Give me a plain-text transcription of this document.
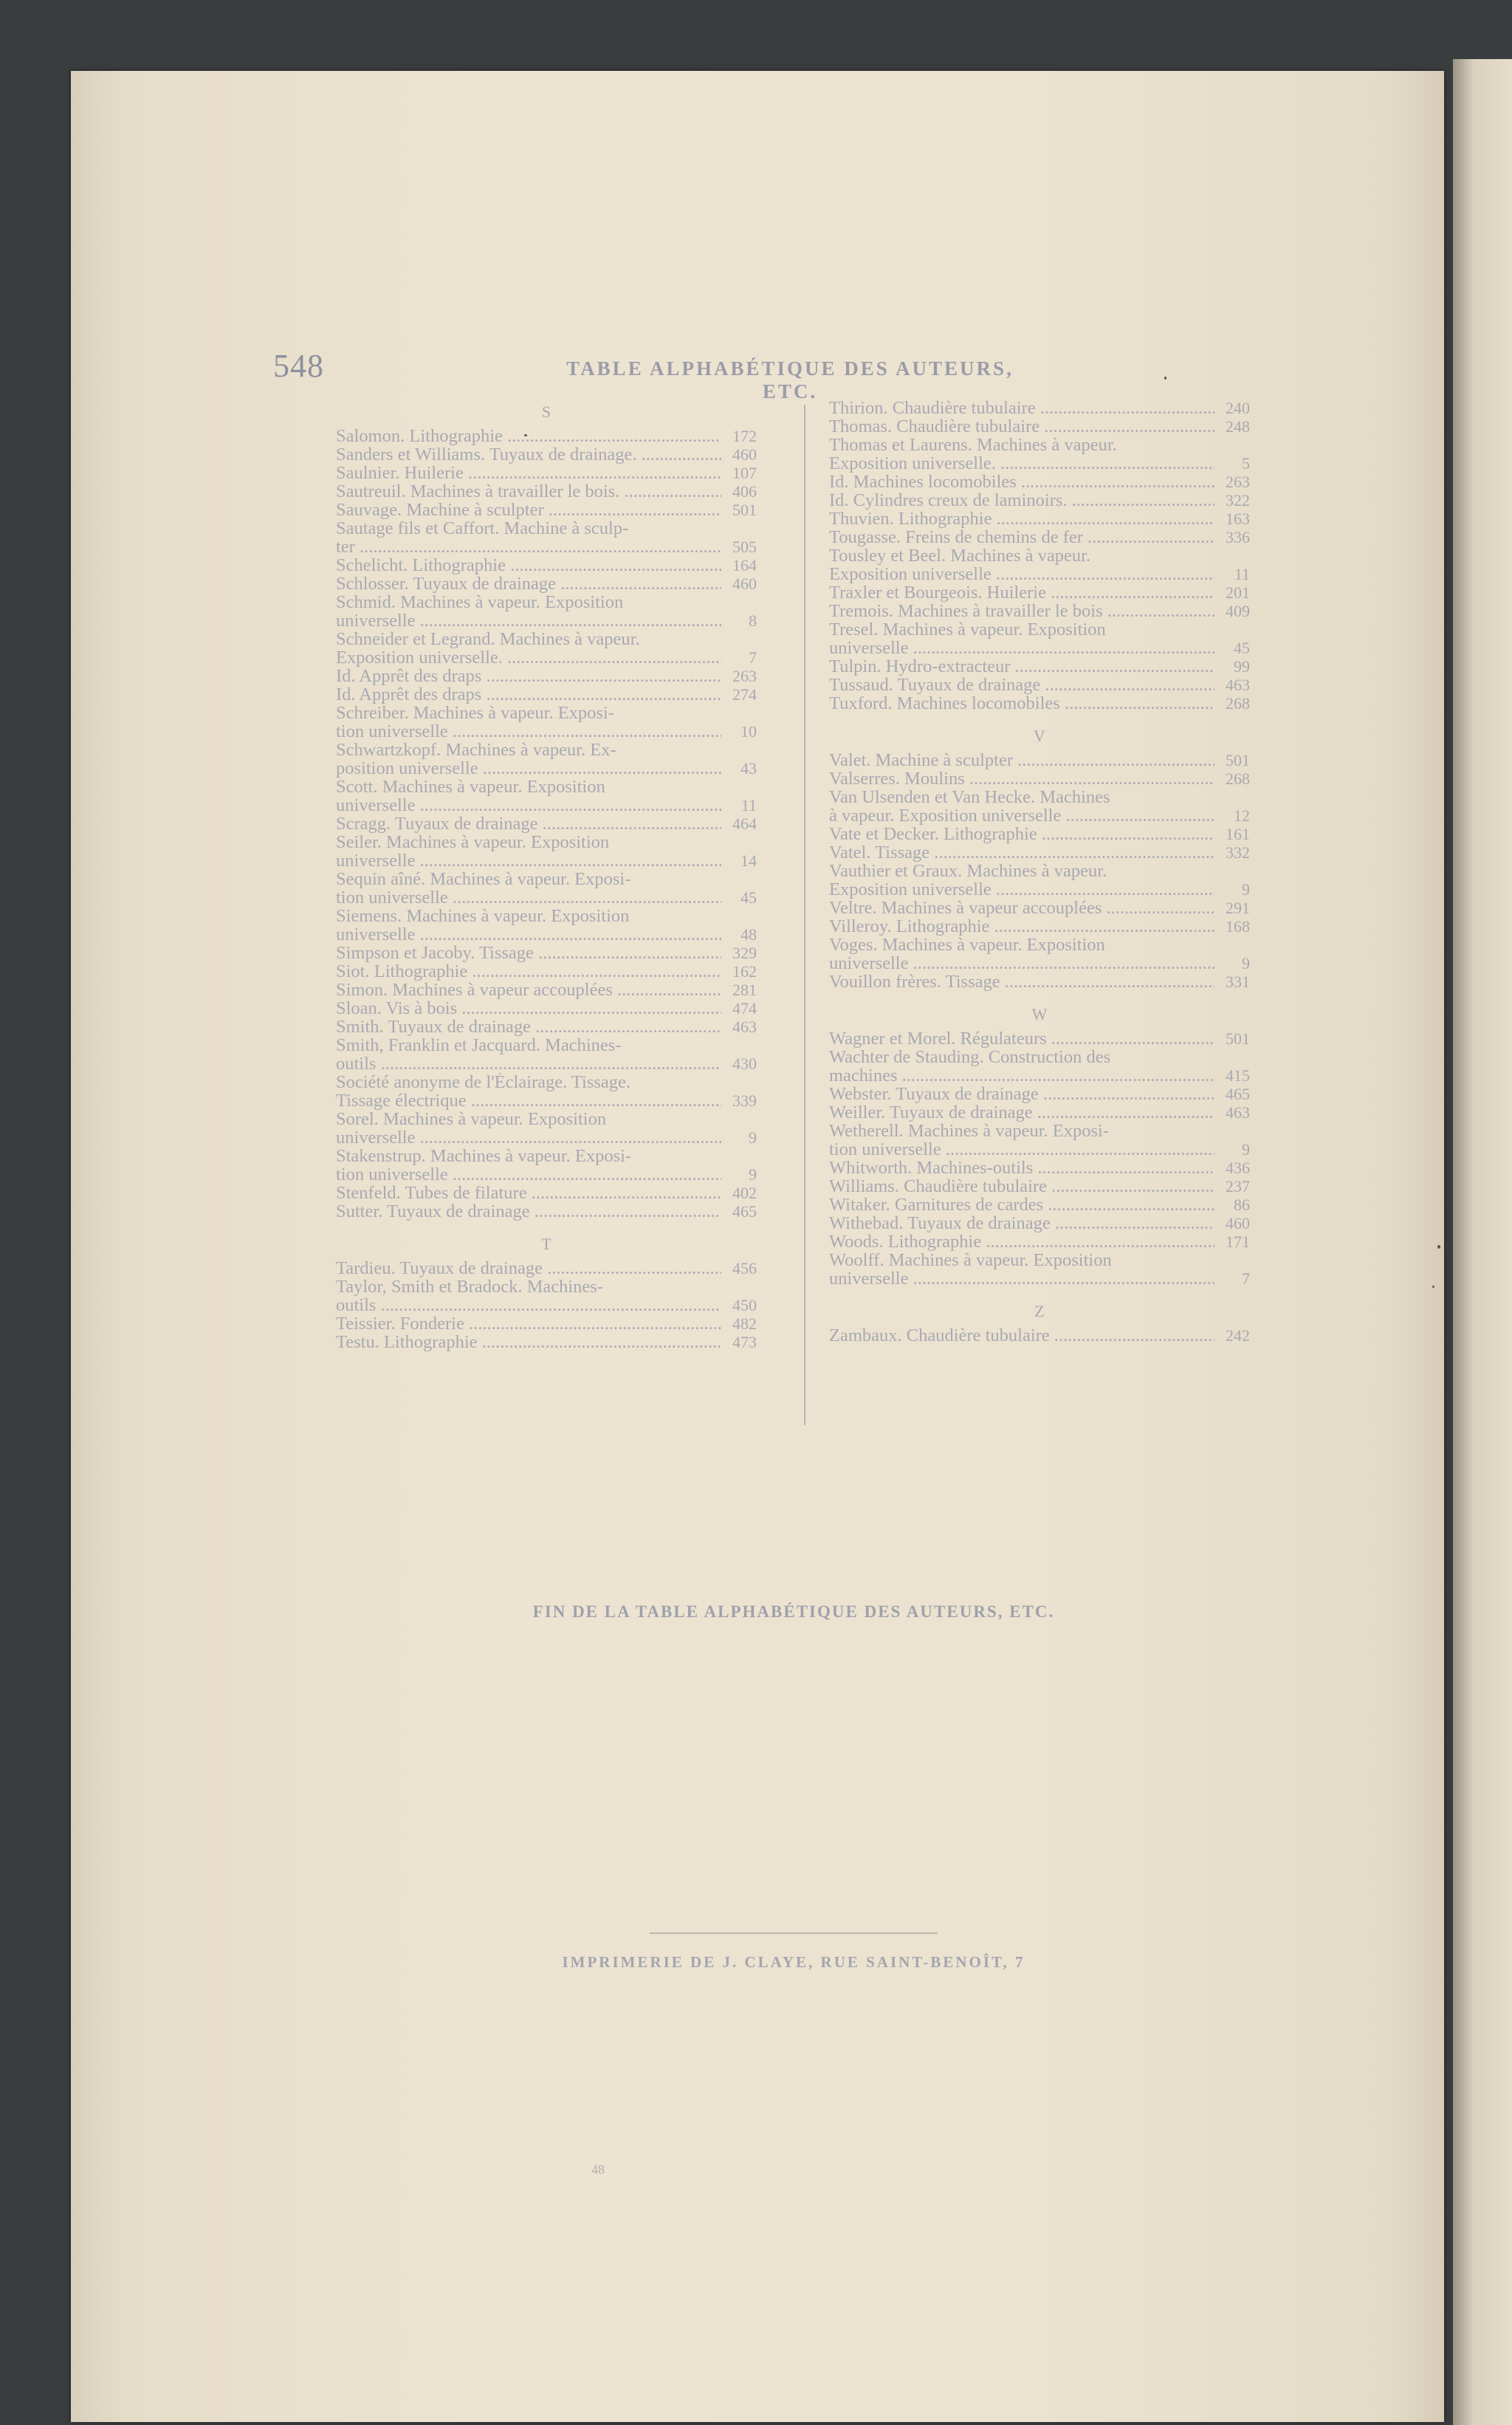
548	TABLE ALPHABÉTIQUE DES AUTEURS, ETC.
S
Salomon. Lithographie .....	172
Sanders et Williams. Tuyaux de drainage. .....	460
Saulnier. Huilerie .....	107
Sautreuil. Machines à travailler le bois. .....	406
Sauvage. Machine à sculpter .....	501
Sautage fils et Caffort. Machine à sculp-
ter .....	505
Schelicht. Lithographie .....	164
Schlosser. Tuyaux de drainage .....	460
Schmid. Machines à vapeur. Exposition
universelle .....	8
Schneider et Legrand. Machines à vapeur.
Exposition universelle. .....	7
Id. Apprêt des draps .....	263
Id. Apprêt des draps .....	274
Schreiber. Machines à vapeur. Exposi-
tion universelle .....	10
Schwartzkopf. Machines à vapeur. Ex-
position universelle .....	43
Scott. Machines à vapeur. Exposition
universelle .....	11
Scragg. Tuyaux de drainage .....	464
Seiler. Machines à vapeur. Exposition
universelle .....	14
Sequin aîné. Machines à vapeur. Exposi-
tion universelle .....	45
Siemens. Machines à vapeur. Exposition
universelle .....	48
Simpson et Jacoby. Tissage .....	329
Siot. Lithographie .....	162
Simon. Machines à vapeur accouplées .....	281
Sloan. Vis à bois .....	474
Smith. Tuyaux de drainage .....	463
Smith, Franklin et Jacquard. Machines-
outils .....	430
Société anonyme de l'Éclairage. Tissage.
Tissage électrique .....	339
Sorel. Machines à vapeur. Exposition
universelle .....	9
Stakenstrup. Machines à vapeur. Exposi-
tion universelle .....	9
Stenfeld. Tubes de filature .....	402
Sutter. Tuyaux de drainage .....	465
T
Tardieu. Tuyaux de drainage .....	456
Taylor, Smith et Bradock. Machines-
outils .....	450
Teissier. Fonderie .....	482
Testu. Lithographie .....	473
Thirion. Chaudière tubulaire .....	240
Thomas. Chaudière tubulaire .....	248
Thomas et Laurens. Machines à vapeur.
Exposition universelle. .....	5
Id. Machines locomobiles .....	263
Id. Cylindres creux de laminoirs. .....	322
Thuvien. Lithographie .....	163
Tougasse. Freins de chemins de fer .....	336
Tousley et Beel. Machines à vapeur.
Exposition universelle .....	11
Traxler et Bourgeois. Huilerie .....	201
Tremois. Machines à travailler le bois .....	409
Tresel. Machines à vapeur. Exposition
universelle .....	45
Tulpin. Hydro-extracteur .....	99
Tussaud. Tuyaux de drainage .....	463
Tuxford. Machines locomobiles .....	268
V
Valet. Machine à sculpter .....	501
Valserres. Moulins .....	268
Van Ulsenden et Van Hecke. Machines
à vapeur. Exposition universelle .....	12
Vate et Decker. Lithographie .....	161
Vatel. Tissage .....	332
Vauthier et Graux. Machines à vapeur.
Exposition universelle .....	9
Veltre. Machines à vapeur accouplées .....	291
Villeroy. Lithographie .....	168
Voges. Machines à vapeur. Exposition
universelle .....	9
Vouillon frères. Tissage .....	331
W
Wagner et Morel. Régulateurs .....	501
Wachter de Stauding. Construction des
machines .....	415
Webster. Tuyaux de drainage .....	465
Weiller. Tuyaux de drainage .....	463
Wetherell. Machines à vapeur. Exposi-
tion universelle .....	9
Whitworth. Machines-outils .....	436
Williams. Chaudière tubulaire .....	237
Witaker. Garnitures de cardes .....	86
Withebad. Tuyaux de drainage .....	460
Woods. Lithographie .....	171
Woolff. Machines à vapeur. Exposition
universelle .....	7
Z
Zambaux. Chaudière tubulaire .....	242
FIN DE LA TABLE ALPHABÉTIQUE DES AUTEURS, ETC.
IMPRIMERIE DE J. CLAYE, RUE SAINT-BENOÎT, 7
48
